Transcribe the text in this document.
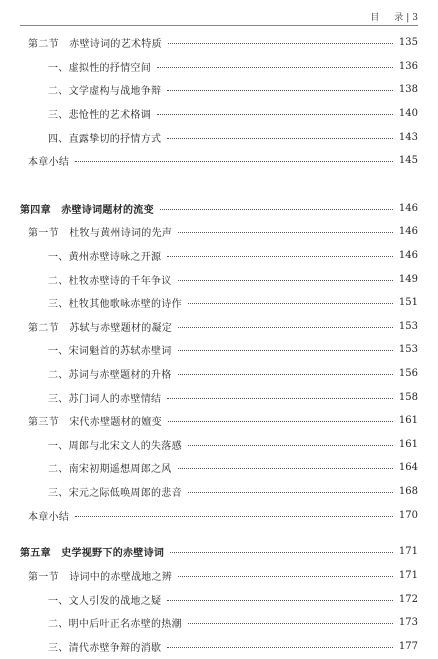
目  录 | 3
第二节　赤壁诗词的艺术特质	135
一、虚拟性的抒情空间	136
二、文学虚构与战地争辩	138
三、悲怆性的艺术格调	140
四、直露挚切的抒情方式	143
本章小结	145
第四章　赤壁诗词题材的流变	146
第一节　杜牧与黄州诗词的先声	146
一、黄州赤壁诗咏之开源	146
二、杜牧赤壁诗的千年争议	149
三、杜牧其他歌咏赤壁的诗作	151
第二节　苏轼与赤壁题材的凝定	153
一、宋词魁首的苏轼赤壁词	153
二、苏词与赤壁题材的升格	156
三、苏门词人的赤壁情结	158
第三节　宋代赤壁题材的嬗变	161
一、周郎与北宋文人的失落感	161
二、南宋初期遥想周郎之风	164
三、宋元之际低唤周郎的悲音	168
本章小结	170
第五章　史学视野下的赤壁诗词	171
第一节　诗词中的赤壁战地之辨	171
一、文人引发的战地之疑	172
二、明中后叶正名赤壁的热潮	173
三、清代赤壁争辩的消歇	177
